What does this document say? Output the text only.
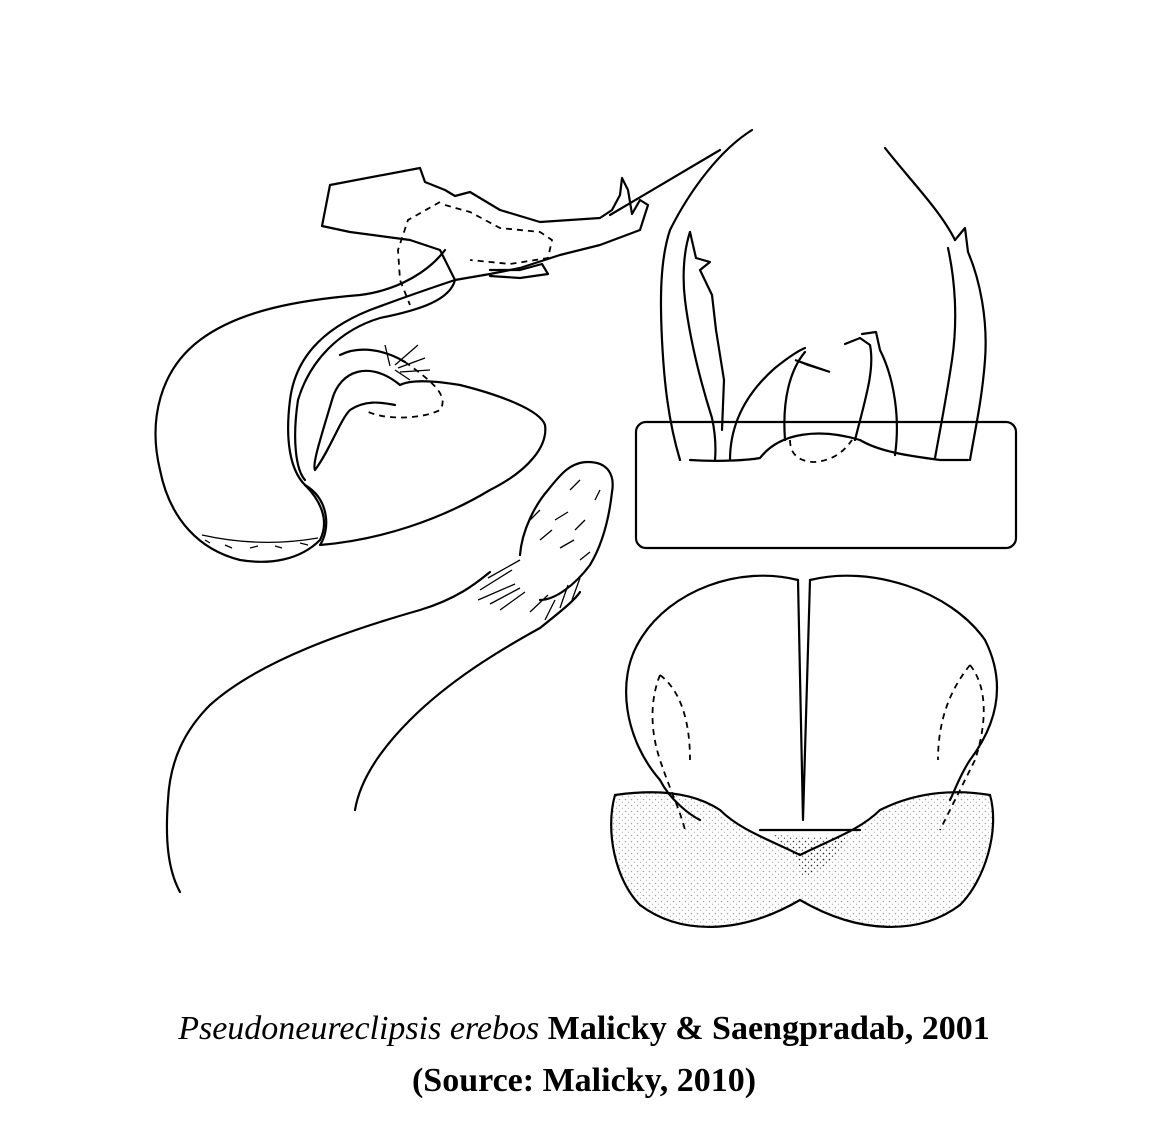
Pseudoneureclipsis erebos Malicky & Saengpradab, 2001
(Source: Malicky, 2010)
